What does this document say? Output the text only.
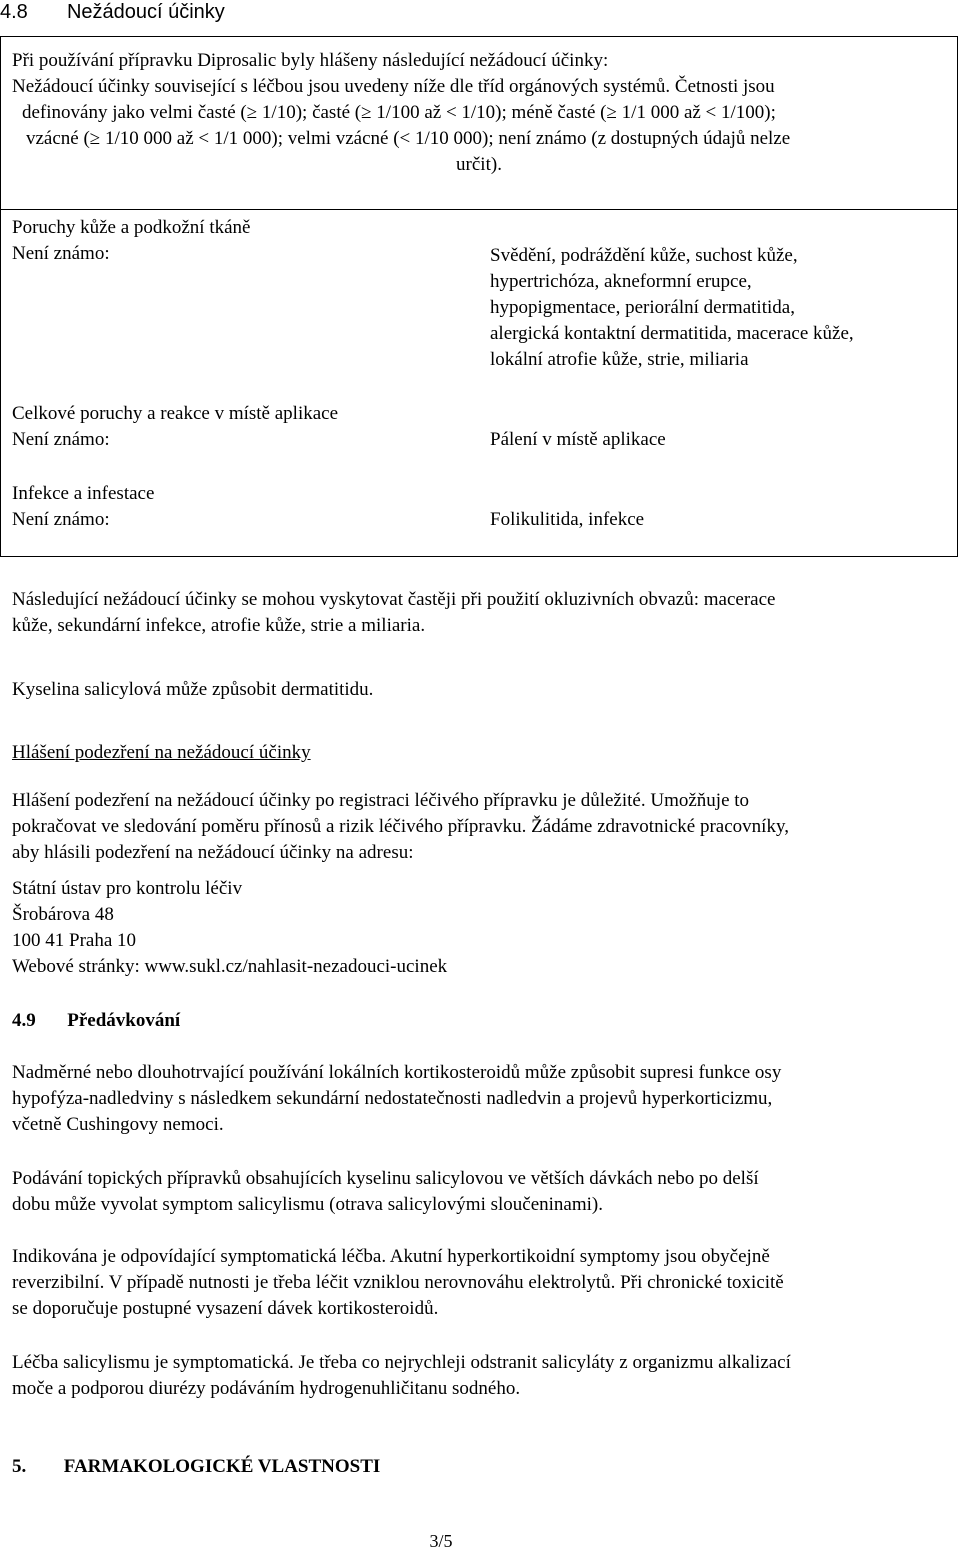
4.8 Nežádoucí účinky
Při používání přípravku Diprosalic byly hlášeny následující nežádoucí účinky:
Nežádoucí účinky související s léčbou jsou uvedeny níže dle tříd orgánových systémů. Četnosti jsou
definovány jako velmi časté (≥ 1/10); časté (≥ 1/100 až < 1/10); méně časté (≥ 1/1 000 až < 1/100);
vzácné (≥ 1/10 000 až < 1/1 000); velmi vzácné (< 1/10 000); není známo (z dostupných údajů nelze
určit).
Poruchy kůže a podkožní tkáně
Není známo:	Svědění, podráždění kůže, suchost kůže,
hypertrichóza, akneformní erupce,
hypopigmentace, periorální dermatitida,
alergická kontaktní dermatitida, macerace kůže,
lokální atrofie kůže, strie, miliaria
Celkové poruchy a reakce v místě aplikace
Není známo:	Pálení v místě aplikace
Infekce a infestace
Není známo:	Folikulitida, infekce
Následující nežádoucí účinky se mohou vyskytovat častěji při použití okluzivních obvazů: macerace
kůže, sekundární infekce, atrofie kůže, strie a miliaria.
Kyselina salicylová může způsobit dermatitidu.
Hlášení podezření na nežádoucí účinky
Hlášení podezření na nežádoucí účinky po registraci léčivého přípravku je důležité. Umožňuje to
pokračovat ve sledování poměru přínosů a rizik léčivého přípravku. Žádáme zdravotnické pracovníky,
aby hlásili podezření na nežádoucí účinky na adresu:
Státní ústav pro kontrolu léčiv
Šrobárova 48
100 41 Praha 10
Webové stránky: www.sukl.cz/nahlasit-nezadouci-ucinek
4.9 Předávkování
Nadměrné nebo dlouhotrvající používání lokálních kortikosteroidů může způsobit supresi funkce osy
hypofýza-nadledviny s následkem sekundární nedostatečnosti nadledvin a projevů hyperkorticizmu,
včetně Cushingovy nemoci.
Podávání topických přípravků obsahujících kyselinu salicylovou ve větších dávkách nebo po delší
dobu může vyvolat symptom salicylismu (otrava salicylovými sloučeninami).
Indikována je odpovídající symptomatická léčba. Akutní hyperkortikoidní symptomy jsou obyčejně
reverzibilní. V případě nutnosti je třeba léčit vzniklou nerovnováhu elektrolytů. Při chronické toxicitě
se doporučuje postupné vysazení dávek kortikosteroidů.
Léčba salicylismu je symptomatická. Je třeba co nejrychleji odstranit salicyláty z organizmu alkalizací
moče a podporou diurézy podáváním hydrogenuhličitanu sodného.
5. FARMAKOLOGICKÉ VLASTNOSTI
3/5
